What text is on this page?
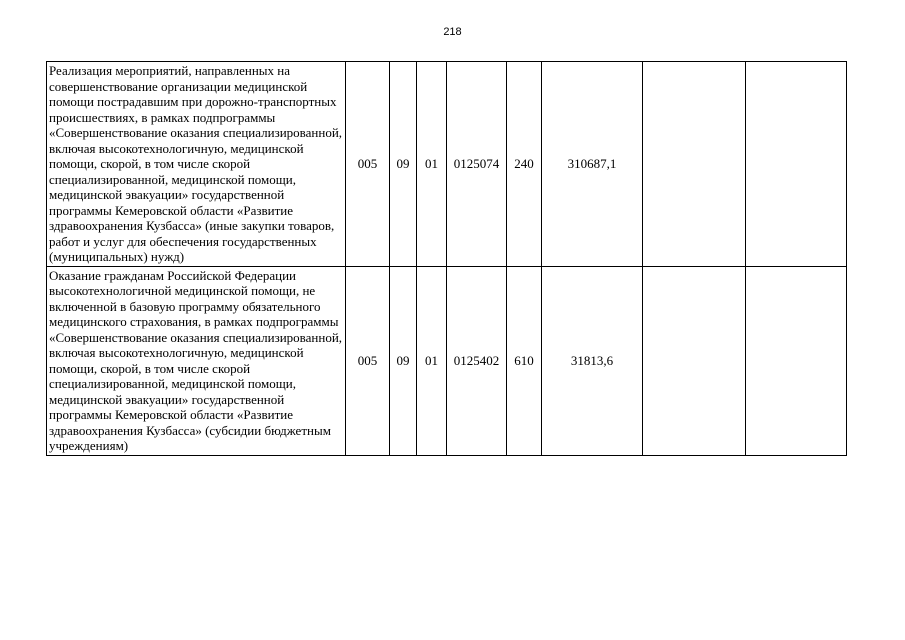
218
Реализация мероприятий, направленных на совершенствование организации медицинской помощи пострадавшим при дорожно-транспортных происшествиях, в рамках подпрограммы «Совершенствование оказания специализированной, включая высокотехнологичную, медицинской помощи, скорой, в том числе скорой специализированной, медицинской помощи, медицинской эвакуации» государственной программы Кемеровской области «Развитие здравоохранения Кузбасса» (иные закупки товаров, работ и услуг для обеспечения государственных (муниципальных) нужд)	005	09	01	0125074	240	310687,1		
Оказание гражданам Российской Федерации высокотехнологичной медицинской помощи, не включенной в базовую программу обязательного медицинского страхования, в рамках подпрограммы «Совершенствование оказания специализированной, включая высокотехнологичную, медицинской помощи, скорой, в том числе скорой специализированной, медицинской помощи, медицинской эвакуации» государственной программы Кемеровской области «Развитие здравоохранения Кузбасса» (субсидии бюджетным учреждениям)	005	09	01	0125402	610	31813,6		
